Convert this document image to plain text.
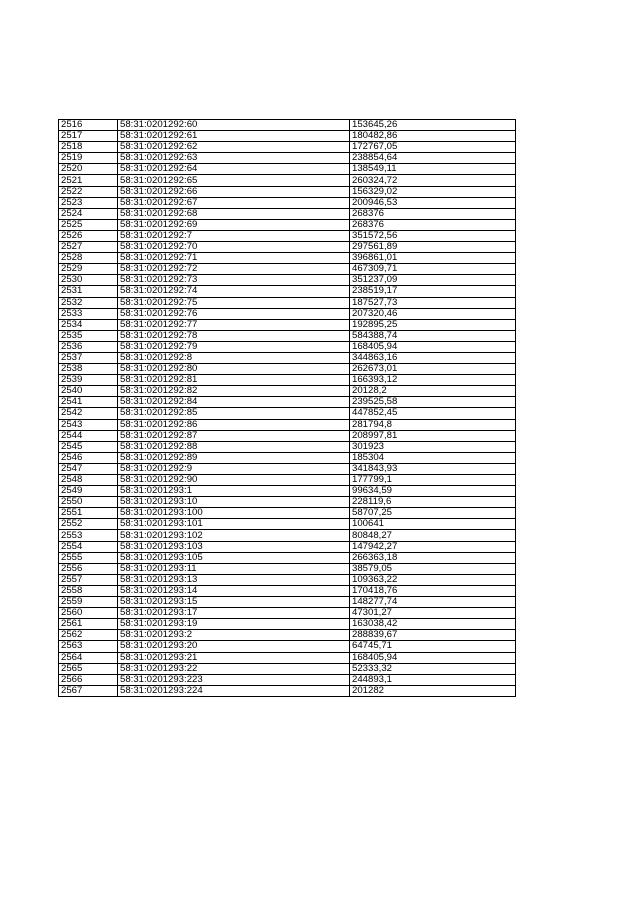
2516	58:31:0201292:60	153645,26
2517	58:31:0201292:61	180482,86
2518	58:31:0201292:62	172767,05
2519	58:31:0201292:63	238854,64
2520	58:31:0201292:64	138549,11
2521	58:31:0201292:65	260324,72
2522	58:31:0201292:66	156329,02
2523	58:31:0201292:67	200946,53
2524	58:31:0201292:68	268376
2525	58:31:0201292:69	268376
2526	58:31:0201292:7	351572,56
2527	58:31:0201292:70	297561,89
2528	58:31:0201292:71	396861,01
2529	58:31:0201292:72	467309,71
2530	58:31:0201292:73	351237,09
2531	58:31:0201292:74	238519,17
2532	58:31:0201292:75	187527,73
2533	58:31:0201292:76	207320,46
2534	58:31:0201292:77	192895,25
2535	58:31:0201292:78	584388,74
2536	58:31:0201292:79	168405,94
2537	58:31:0201292:8	344863,16
2538	58:31:0201292:80	262673,01
2539	58:31:0201292:81	166393,12
2540	58:31:0201292:82	20128,2
2541	58:31:0201292:84	239525,58
2542	58:31:0201292:85	447852,45
2543	58:31:0201292:86	281794,8
2544	58:31:0201292:87	208997,81
2545	58:31:0201292:88	301923
2546	58:31:0201292:89	185304
2547	58:31:0201292:9	341843,93
2548	58:31:0201292:90	177799,1
2549	58:31:0201293:1	99634,59
2550	58:31:0201293:10	228119,6
2551	58:31:0201293:100	58707,25
2552	58:31:0201293:101	100641
2553	58:31:0201293:102	80848,27
2554	58:31:0201293:103	147942,27
2555	58:31:0201293:105	266363,18
2556	58:31:0201293:11	38579,05
2557	58:31:0201293:13	109363,22
2558	58:31:0201293:14	170418,76
2559	58:31:0201293:15	148277,74
2560	58:31:0201293:17	47301,27
2561	58:31:0201293:19	163038,42
2562	58:31:0201293:2	288839,67
2563	58:31:0201293:20	64745,71
2564	58:31:0201293:21	168405,94
2565	58:31:0201293:22	52333,32
2566	58:31:0201293:223	244893,1
2567	58:31:0201293:224	201282
